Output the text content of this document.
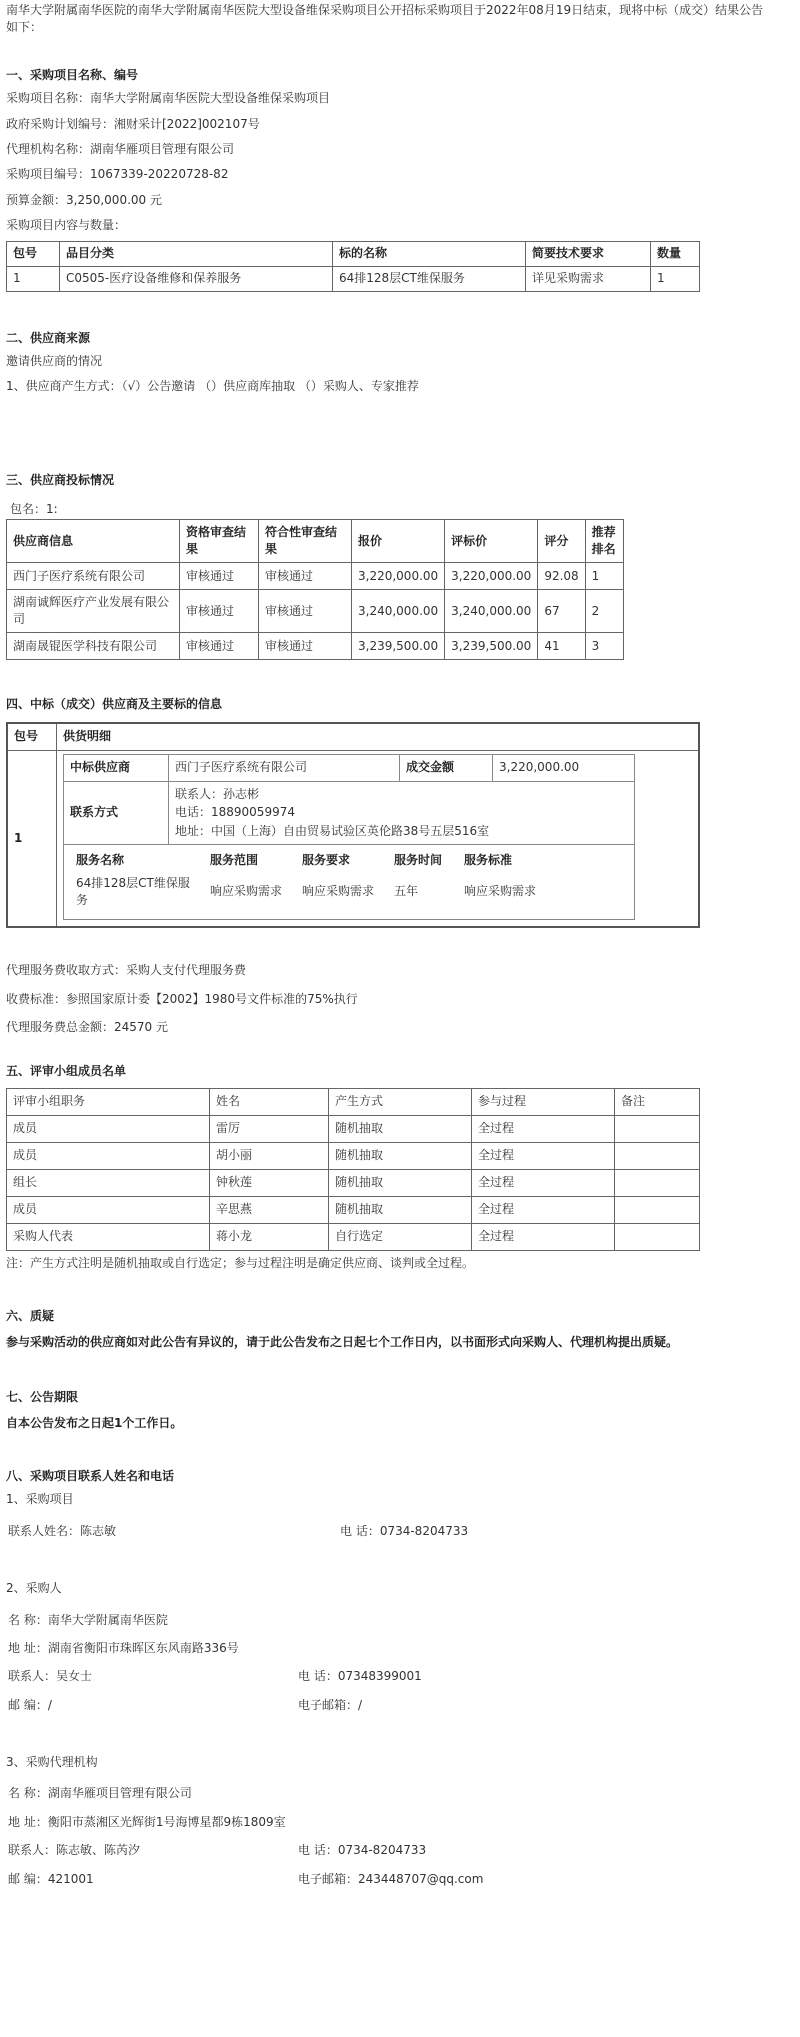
南华大学附属南华医院的南华大学附属南华医院大型设备维保采购项目公开招标采购项目于2022年08月19日结束，现将中标（成交）结果公告如下：

一、采购项目名称、编号

采购项目名称：南华大学附属南华医院大型设备维保采购项目

政府采购计划编号：湘财采计[2022]002107号

代理机构名称：湖南华雁项目管理有限公司

采购项目编号：1067339-20220728-82

预算金额：3,250,000.00 元

采购项目内容与数量：

包号	品目分类	标的名称	简要技术要求	数量
1	C0505-医疗设备维修和保养服务	64排128层CT维保服务	详见采购需求	1

二、供应商来源

邀请供应商的情况

1、供应商产生方式：（√）公告邀请 （）供应商库抽取 （）采购人、专家推荐

三、供应商投标情况

包名：1:

供应商信息	资格审查结果	符合性审查结果	报价	评标价	评分	推荐排名
西门子医疗系统有限公司	审核通过	审核通过	3,220,000.00	3,220,000.00	92.08	1
湖南诚辉医疗产业发展有限公司	审核通过	审核通过	3,240,000.00	3,240,000.00	67	2
湖南晟锟医学科技有限公司	审核通过	审核通过	3,239,500.00	3,239,500.00	41	3

四、中标（成交）供应商及主要标的信息

包号	供货明细
1	
中标供应商	西门子医疗系统有限公司	成交金额	3,220,000.00
联系方式	
联系人：孙志彬
电话：18890059974
地址：中国（上海）自由贸易试验区英伦路38号五层516室

服务名称	服务范围	服务要求	服务时间	服务标准
64排128层CT维保服务	响应采购需求	响应采购需求	五年	响应采购需求

代理服务费收取方式：采购人支付代理服务费

收费标准：参照国家原计委【2002】1980号文件标准的75%执行

代理服务费总金额：24570 元

五、评审小组成员名单

评审小组职务	姓名	产生方式	参与过程	备注
成员	雷厉	随机抽取	全过程	
成员	胡小丽	随机抽取	全过程	
组长	钟秋莲	随机抽取	全过程	
成员	辛思燕	随机抽取	全过程	
采购人代表	蒋小龙	自行选定	全过程	

注：产生方式注明是随机抽取或自行选定；参与过程注明是确定供应商、谈判或全过程。

六、质疑

参与采购活动的供应商如对此公告有异议的，请于此公告发布之日起七个工作日内，以书面形式向采购人、代理机构提出质疑。

七、公告期限

自本公告发布之日起1个工作日。

八、采购项目联系人姓名和电话

1、采购项目

联系人姓名：陈志敏	电 话：0734-8204733

2、采购人

名 称：南华大学附属南华医院

地 址：湖南省衡阳市珠晖区东风南路336号

联系人：吴女士	电 话：07348399001
邮 编：/	电子邮箱：/

3、采购代理机构

名 称：湖南华雁项目管理有限公司

地 址：衡阳市蒸湘区光辉街1号海博星都9栋1809室

联系人：陈志敏、陈芮汐	电 话：0734-8204733
邮 编：421001	电子邮箱：243448707@qq.com
